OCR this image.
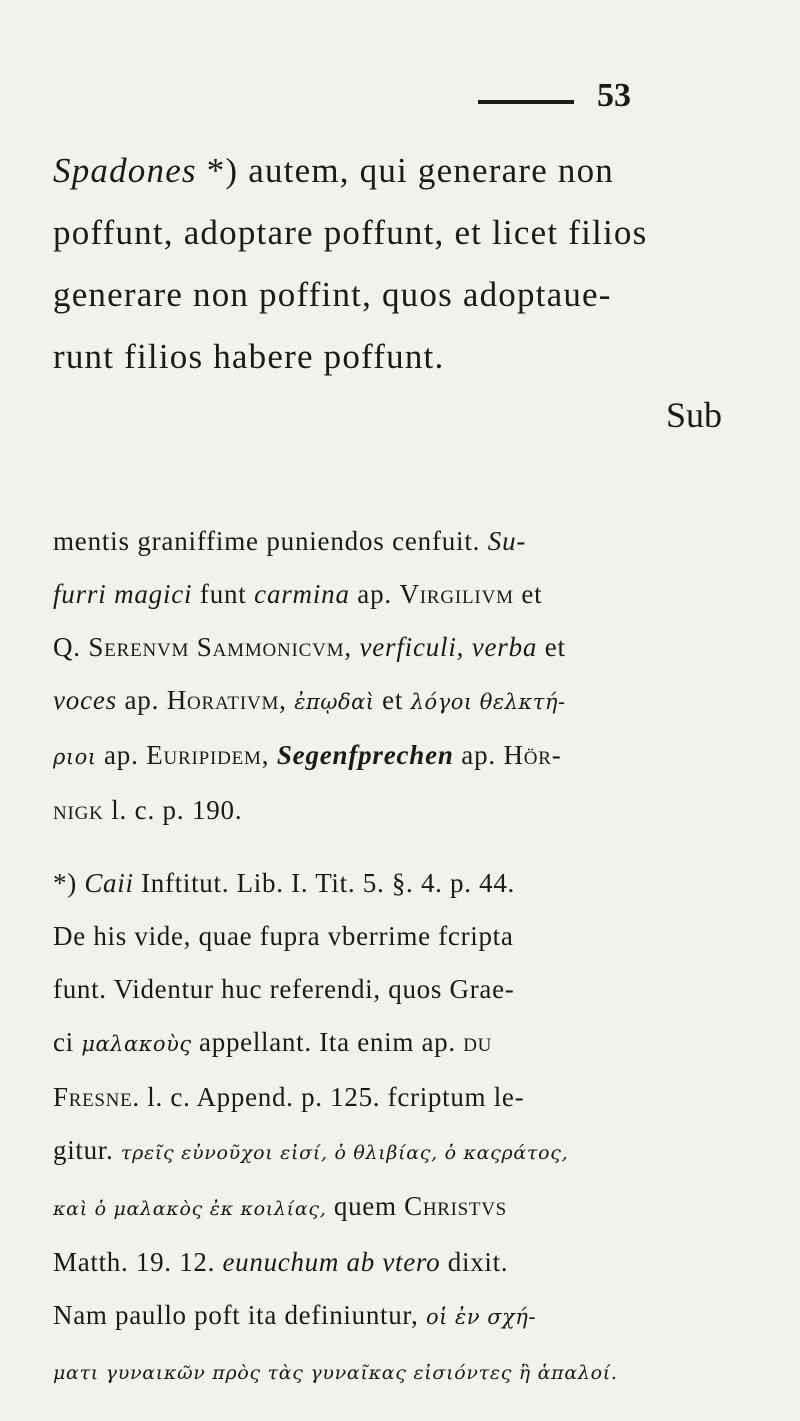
53
Spadones *) autem, qui generare non
poffunt, adoptare poffunt, et licet filios
generare non poffint, quos adoptaue-
runt filios habere poffunt.
Sub
mentis graniffime puniendos cenfuit. Su-
furri magici funt carmina ap. Virgilivm et
Q. Serenvm Sammonicvm, verficuli, verba et
voces ap. Horativm, ἐπῳδαὶ et λόγοι θελκτή-
ριοι ap. Euripidem, Segenfprechen ap. Hör-
nigk l. c. p. 190.
*) Caii Inftitut. Lib. I. Tit. 5. §. 4. p. 44.
De his vide, quae fupra vberrime fcripta
funt. Videntur huc referendi, quos Grae-
ci μαλακοὺς appellant. Ita enim ap. du
Fresne. l. c. Append. p. 125. fcriptum le-
gitur. τρεῖς εὐνοῦχοι εἰσί, ὁ θλιβίας, ὁ καςράτος,
καὶ ὁ μαλακὸς ἐκ κοιλίας, quem Christvs
Matth. 19. 12. eunuchum ab vtero dixit.
Nam paullo poft ita definiuntur, οἱ ἐν σχή-
ματι γυναικῶν πρὸς τὰς γυναῖκας εἰσιόντες ἢ ἁπαλοί.
